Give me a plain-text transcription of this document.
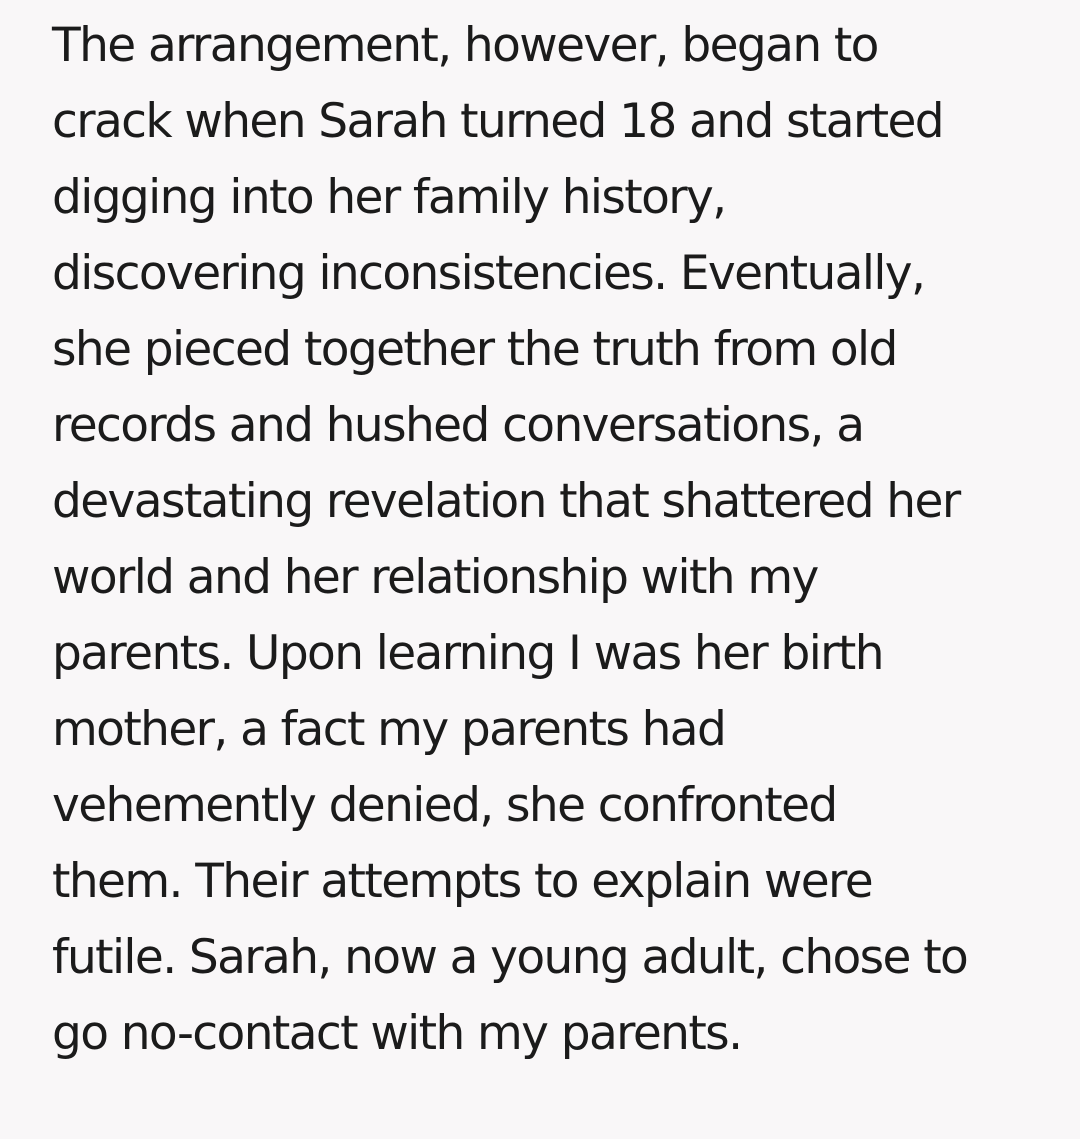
The arrangement, however, began to
crack when Sarah turned 18 and started
digging into her family history,
discovering inconsistencies. Eventually,
she pieced together the truth from old
records and hushed conversations, a
devastating revelation that shattered her
world and her relationship with my
parents. Upon learning I was her birth
mother, a fact my parents had
vehemently denied, she confronted
them. Their attempts to explain were
futile. Sarah, now a young adult, chose to
go no-contact with my parents.
